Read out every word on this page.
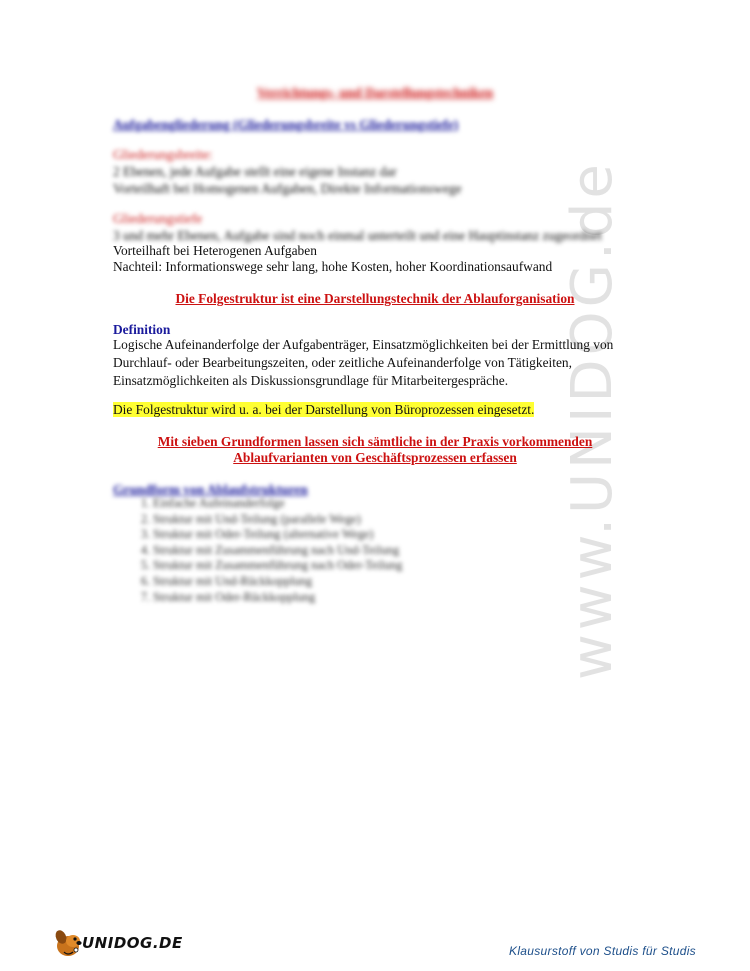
www.UNIDOG.de
Verrichtungs- und Darstellungstechniken
Aufgabengliederung (Gliederungsbreite vs Gliederungstiefe)
Gliederungsbreite:
2 Ebenen, jede Aufgabe stellt eine eigene Instanz dar
Vorteilhaft bei Homogenen Aufgaben, Direkte Informationswege
Gliederungstiefe
3 und mehr Ebenen, Aufgabe sind noch einmal unterteilt und eine Hauptinstanz zugeordnet
Vorteilhaft bei Heterogenen Aufgaben
Nachteil: Informationswege sehr lang, hohe Kosten, hoher Koordinationsaufwand
Die Folgestruktur ist eine Darstellungstechnik der Ablauforganisation
Definition
Logische Aufeinanderfolge der Aufgabenträger, Einsatzmöglichkeiten bei der Ermittlung von Durchlauf- oder Bearbeitungszeiten, oder zeitliche Aufeinanderfolge von Tätigkeiten, Einsatzmöglichkeiten als Diskussionsgrundlage für Mitarbeitergespräche.
Die Folgestruktur wird u. a. bei der Darstellung von Büroprozessen eingesetzt.
Mit sieben Grundformen lassen sich sämtliche in der Praxis vorkommenden
Ablaufvarianten von Geschäftsprozessen erfassen
Grundform von Ablaufstrukturen
1. Einfache Aufeinanderfolge
2. Struktur mit Und-Teilung (parallele Wege)
3. Struktur mit Oder-Teilung (alternative Wege)
4. Struktur mit Zusammenführung nach Und-Teilung
5. Struktur mit Zusammenführung nach Oder-Teilung
6. Struktur mit Und-Rückkopplung
7. Struktur mit Oder-Rückkopplung
UNIDOG.DE	Klausurstoff von Studis für Studis
